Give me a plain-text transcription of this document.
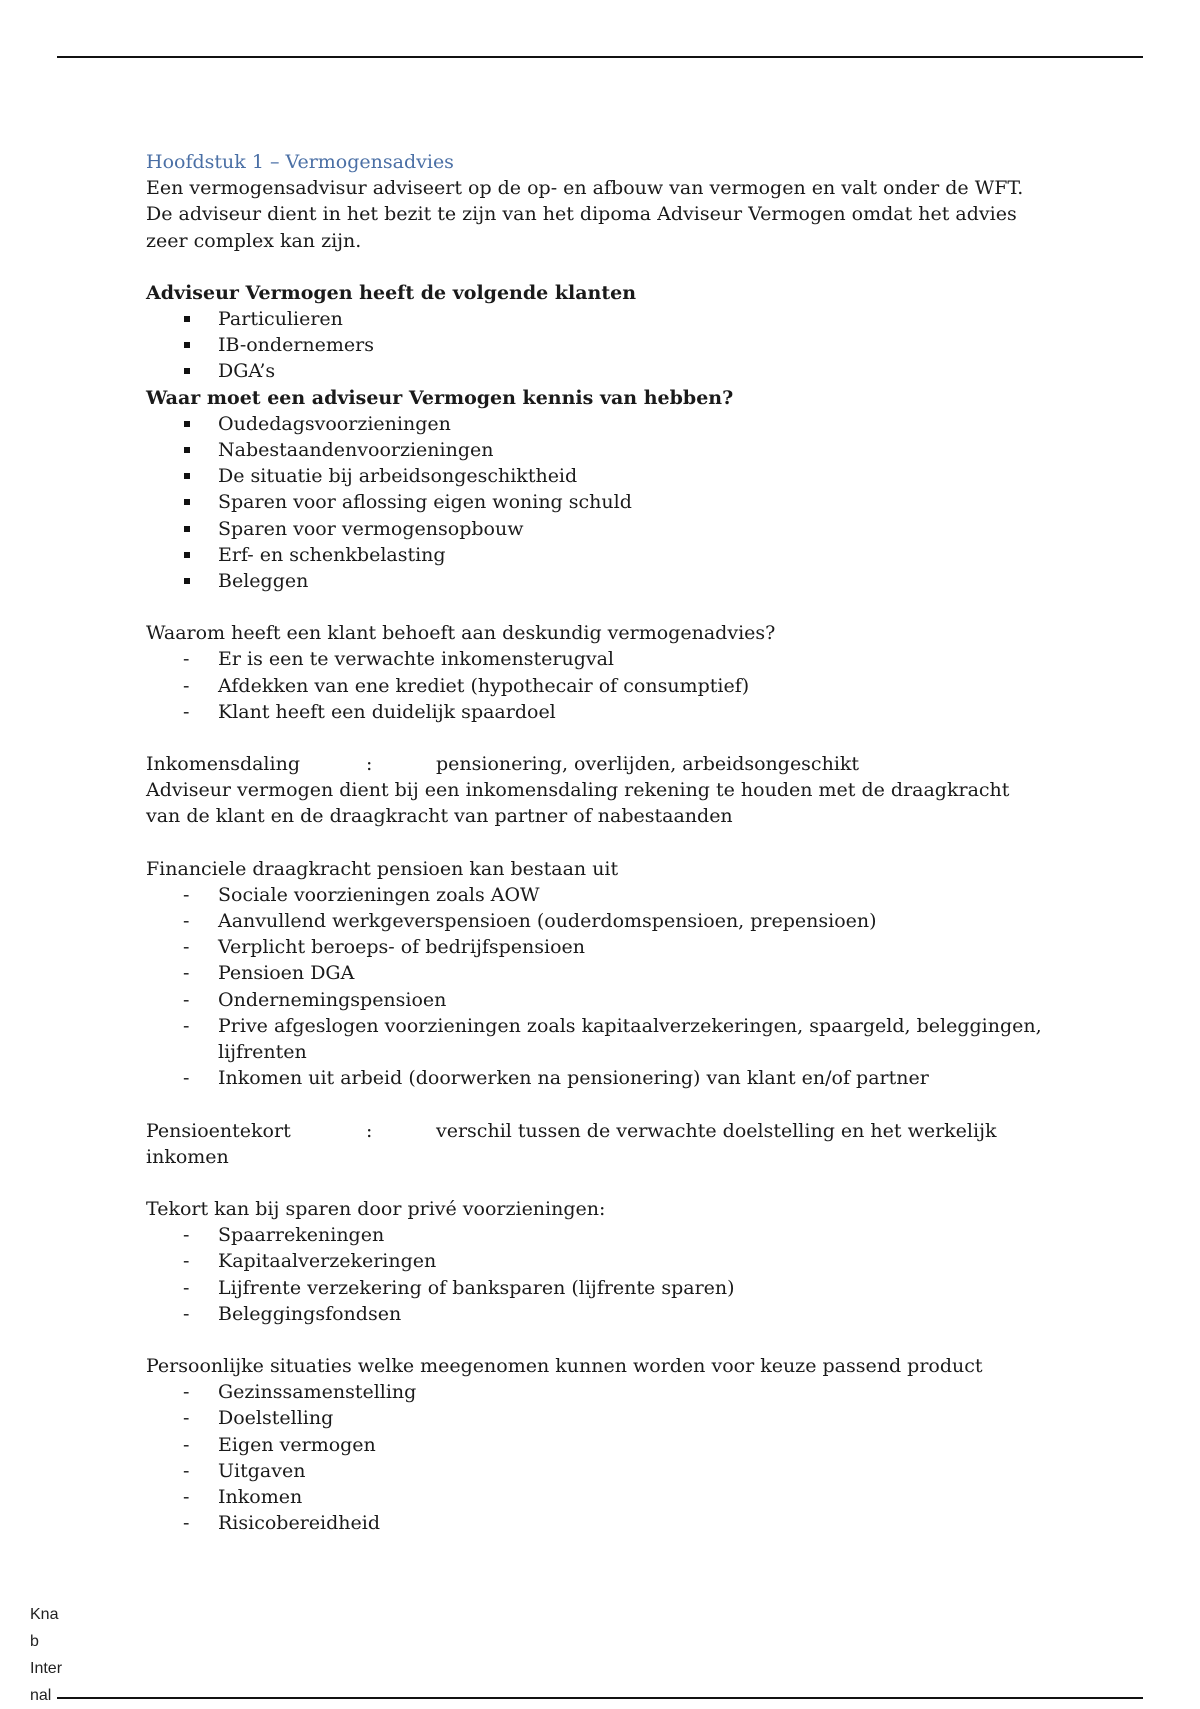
Hoofdstuk 1 – Vermogensadvies
Een vermogensadvisur adviseert op de op- en afbouw van vermogen en valt onder de WFT. De adviseur dient in het bezit te zijn van het dipoma Adviseur Vermogen omdat het advies zeer complex kan zijn.
Adviseur Vermogen heeft de volgende klanten
Particulieren
IB-ondernemers
DGA’s
Waar moet een adviseur Vermogen kennis van hebben?
Oudedagsvoorzieningen
Nabestaandenvoorzieningen
De situatie bij arbeidsongeschiktheid
Sparen voor aflossing eigen woning schuld
Sparen voor vermogensopbouw
Erf- en schenkbelasting
Beleggen
Waarom heeft een klant behoeft aan deskundig vermogenadvies?
- Er is een te verwachte inkomensterugval
- Afdekken van ene krediet (hypothecair of consumptief)
- Klant heeft een duidelijk spaardoel
Inkomensdaling	:	pensionering, overlijden, arbeidsongeschikt
Adviseur vermogen dient bij een inkomensdaling rekening te houden met de draagkracht van de klant en de draagkracht van partner of nabestaanden
Financiele draagkracht pensioen kan bestaan uit
- Sociale voorzieningen zoals AOW
- Aanvullend werkgeverspensioen (ouderdomspensioen, prepensioen)
- Verplicht beroeps- of bedrijfspensioen
- Pensioen DGA
- Ondernemingspensioen
- Prive afgeslogen voorzieningen zoals kapitaalverzekeringen, spaargeld, beleggingen, lijfrenten
- Inkomen uit arbeid (doorwerken na pensionering) van klant en/of partner
Pensioentekort	:	verschil tussen de verwachte doelstelling en het werkelijk
inkomen
Tekort kan bij sparen door privé voorzieningen:
- Spaarrekeningen
- Kapitaalverzekeringen
- Lijfrente verzekering of banksparen (lijfrente sparen)
- Beleggingsfondsen
Persoonlijke situaties welke meegenomen kunnen worden voor keuze passend product
- Gezinssamenstelling
- Doelstelling
- Eigen vermogen
- Uitgaven
- Inkomen
- Risicobereidheid
Kna
b
Inter
nal
